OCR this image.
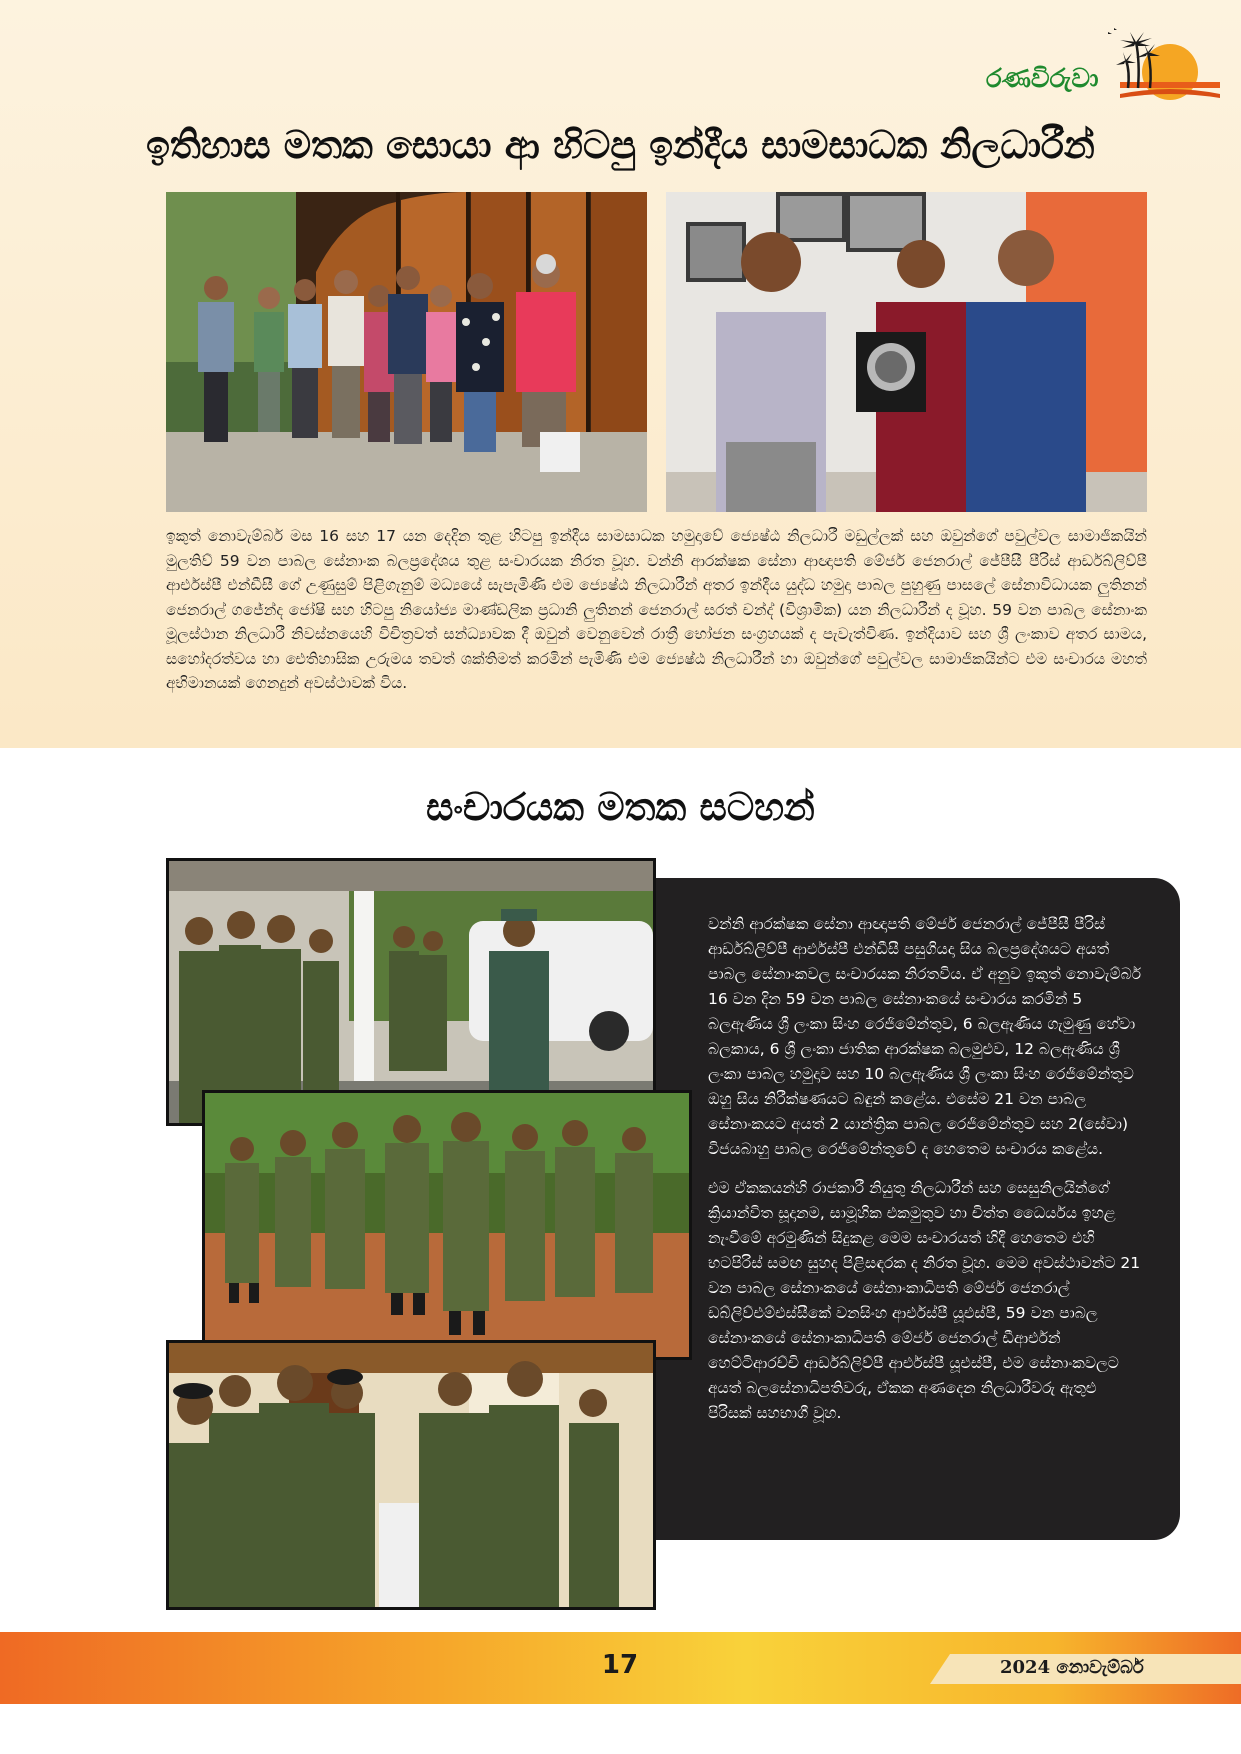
රණවිරුවා
ඉතිහාස මතක සොයා ආ හිටපු ඉන්දීය සාමසාධක නිලධාරීන්
ඉකුත් නොවැම්බර් මස 16 සහ 17 යන දෙදින තුළ හිටපු ඉන්දීය සාමසාධක හමුදාවේ ජ්‍යෙෂ්ඨ නිලධාරී මඩුල්ලක් සහ ඔවුන්ගේ පවුල්වල සාමාජිකයින් මුලතිව් 59 වන පාබල සේනාංක බලප්‍රදේශය තුළ සංචාරයක නිරත වූහ. වන්නි ආරක්ෂක සේනා ආඥාපති මේජර් ජෙනරාල් ජේපීසී පීරිස් ආර්ඩබ්ලිව්පී ආර්එස්පී එන්ඩීසී ගේ උණුසුම් පිළිගැනුම් මධ්‍යයේ සැපැමිණි එම ජ්‍යෙෂ්ඨ නිලධාරීන් අතර ඉන්දීය යුද්ධ හමුදා පාබල පුහුණු පාසලේ සේනාවිධායක ලුතිනන් ජෙනරාල් ගජේන්ද ජෝෂි සහ හිටපු නියෝජ්‍ය මාණ්ඩලික ප්‍රධානි ලුතිනන් ජෙනරාල් සරත් චන්ද් (විශ්‍රාමික) යන නිලධාරීන් ද වූහ. 59 වන පාබල සේනාංක මූලස්ථාන නිලධාරී නිවස්නයෙහි විචිත්‍රවත් සන්ධ්‍යාවක දී ඔවුන් වෙනුවෙන් රාත්‍රී භෝජන සංග්‍රහයක් ද පැවැත්විණ. ඉන්දියාව සහ ශ්‍රී ලංකාව අතර සාමය, සහෝදරත්වය හා ඓතිහාසික උරුමය තවත් ශක්තිමත් කරමින් පැමිණි එම ජ්‍යෙෂ්ඨ නිලධාරීන් හා ඔවුන්ගේ පවුල්වල සාමාජිකයින්ට එම සංචාරය මහත් අභිමානයක් ගෙනදුන් අවස්ථාවක් විය.
සංචාරයක මතක සටහන්

වන්නි ආරක්ෂක සේනා ආඥාපති මේජර් ජෙනරාල් ජේපීසී පීරිස් ආර්ඩබ්ලිව්පී ආර්එස්පී එන්ඩීසී පසුගියදා සිය බලප්‍රදේශයට අයත් පාබල සේනාංකවල සංචාරයක නිරතවිය. ඒ අනුව ඉකුත් නොවැම්බර් 16 වන දින 59 වන පාබල සේනාංකයේ සංචාරය කරමින් 5 බලඇණිය ශ්‍රී ලංකා සිංහ රෙජිමේන්තුව, 6 බලඇණිය ගැමුණු හේවා බලකාය, 6 ශ්‍රී ලංකා ජාතික ආරක්ෂක බලමුළුව, 12 බලඇණිය ශ්‍රී ලංකා පාබල හමුදාව සහ 10 බලඇණිය ශ්‍රී ලංකා සිංහ රෙජිමේන්තුව ඔහු සිය නිරීක්ෂණයට බඳුන් කළේය. එසේම 21 වන පාබල සේනාංකයට අයත් 2 යාන්ත්‍රික පාබල රෙජිමේන්තුව සහ 2(සේවා) විජයබාහු පාබල රෙජිමේන්තුවේ ද හෙතෙම සංචාරය කළේය.

එම ඒකකයන්හි රාජකාරී නියුතු නිලධාරීන් සහ සෙසුනිලයින්ගේ ක්‍රියාන්විත සූදානම, සාමූහික එකමුතුව හා චිත්ත ධෛර්යය ඉහළ නැංවීමේ අරමුණින් සිදුකළ මෙම සංචාරයත් හිදී හෙතෙම එහි භටපිරිස් සමඟ සුහද පිළිසඳරක ද නිරත වූහ. මෙම අවස්ථාවන්ට 21 වන පාබල සේනාංකයේ සේනාංකාධිපති මේජර් ජෙනරාල් ඩබ්ලිව්එම්එස්සීකේ වනසිංහ ආර්එස්පී යූඑස්පී, 59 වන පාබල සේනාංකයේ සේනාංකාධිපති මේජර් ජෙනරාල් ඩීආර්එන් හෙට්ටිආරච්චි ආර්ඩබ්ලිව්පී ආර්එස්පී යූඑස්පී, එම සේනාංකවලට අයත් බලසේනාධිපතිවරු, ඒකක අණදෙන නිලධාරීවරු ඇතුළු පිරිසක් සහභාගී වූහ.

17	2024 නොවැම්බර්
